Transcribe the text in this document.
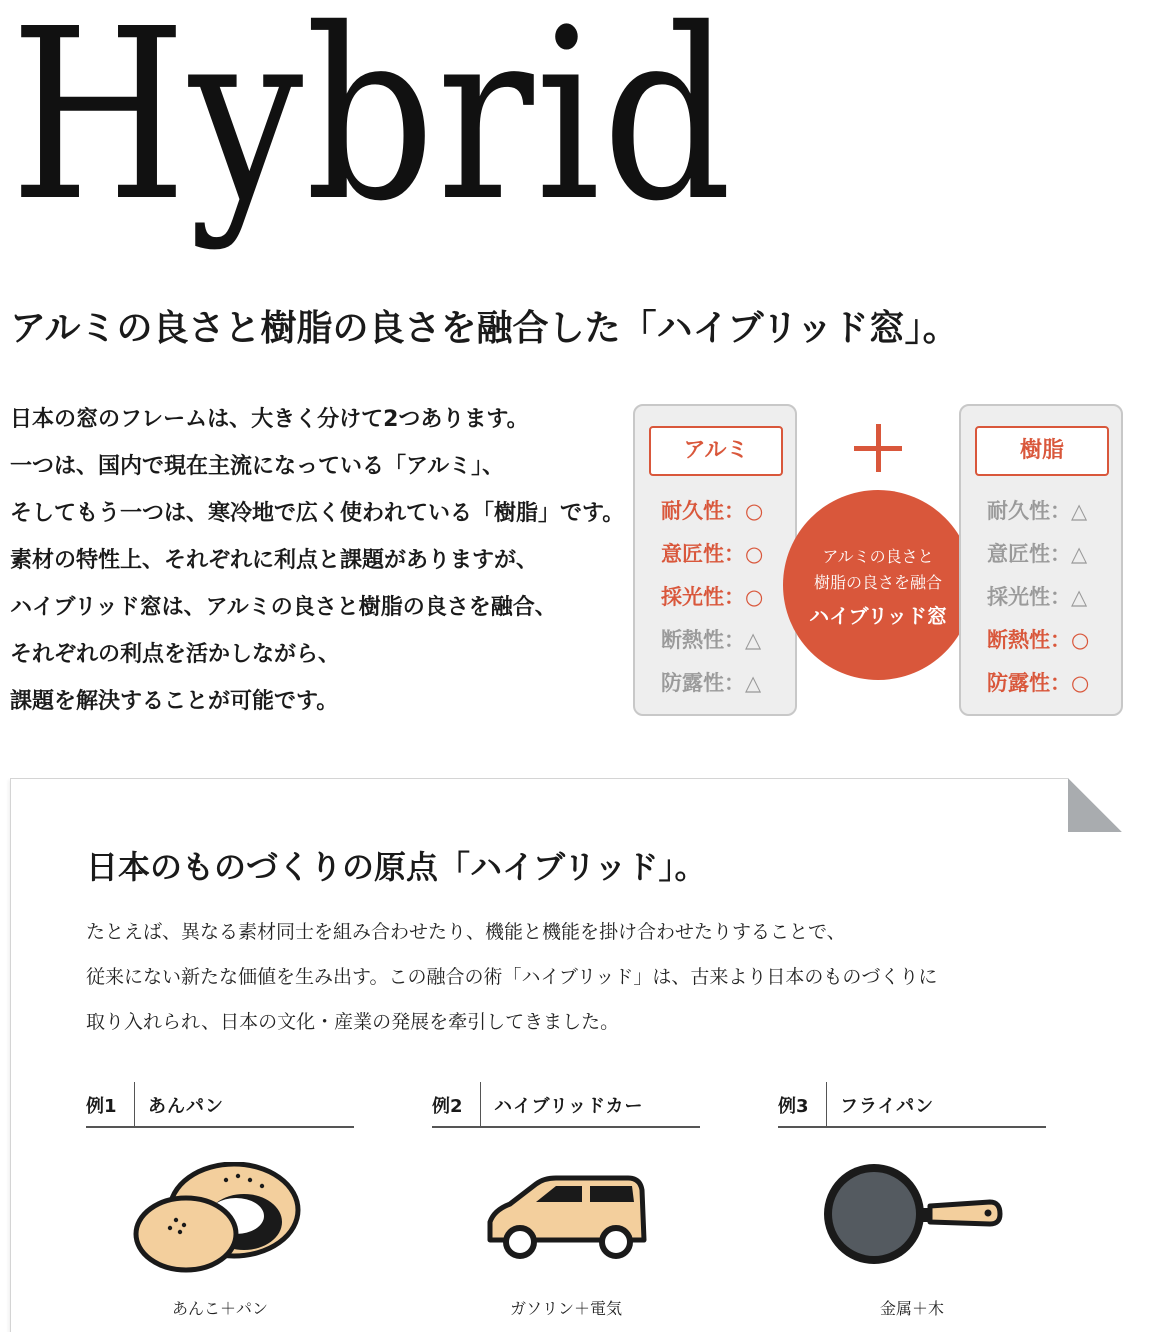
Hybrid
アルミの良さと樹脂の良さを融合した「ハイブリッド窓」。

日本の窓のフレームは、大きく分けて2つあります。

一つは、国内で現在主流になっている「アルミ」、

そしてもう一つは、寒冷地で広く使われている「樹脂」です。

素材の特性上、それぞれに利点と課題がありますが、

ハイブリッド窓は、アルミの良さと樹脂の良さを融合、

それぞれの利点を活かしながら、

課題を解決することが可能です。

アルミ
耐久性：○
意匠性：○
採光性：○
断熱性：△
防露性：△
アルミの良さと
樹脂の良さを融合
ハイブリッド窓
樹脂
耐久性：△
意匠性：△
採光性：△
断熱性：○
防露性：○
日本のものづくりの原点「ハイブリッド」。

たとえば、異なる素材同士を組み合わせたり、機能と機能を掛け合わせたりすることで、

従来にない新たな価値を生み出す。この融合の術「ハイブリッド」は、古来より日本のものづくりに

取り入れられ、日本の文化・産業の発展を牽引してきました。

例1 あんパン
あんこ＋パン
例2 ハイブリッドカー
ガソリン＋電気
例3 フライパン
金属＋木
